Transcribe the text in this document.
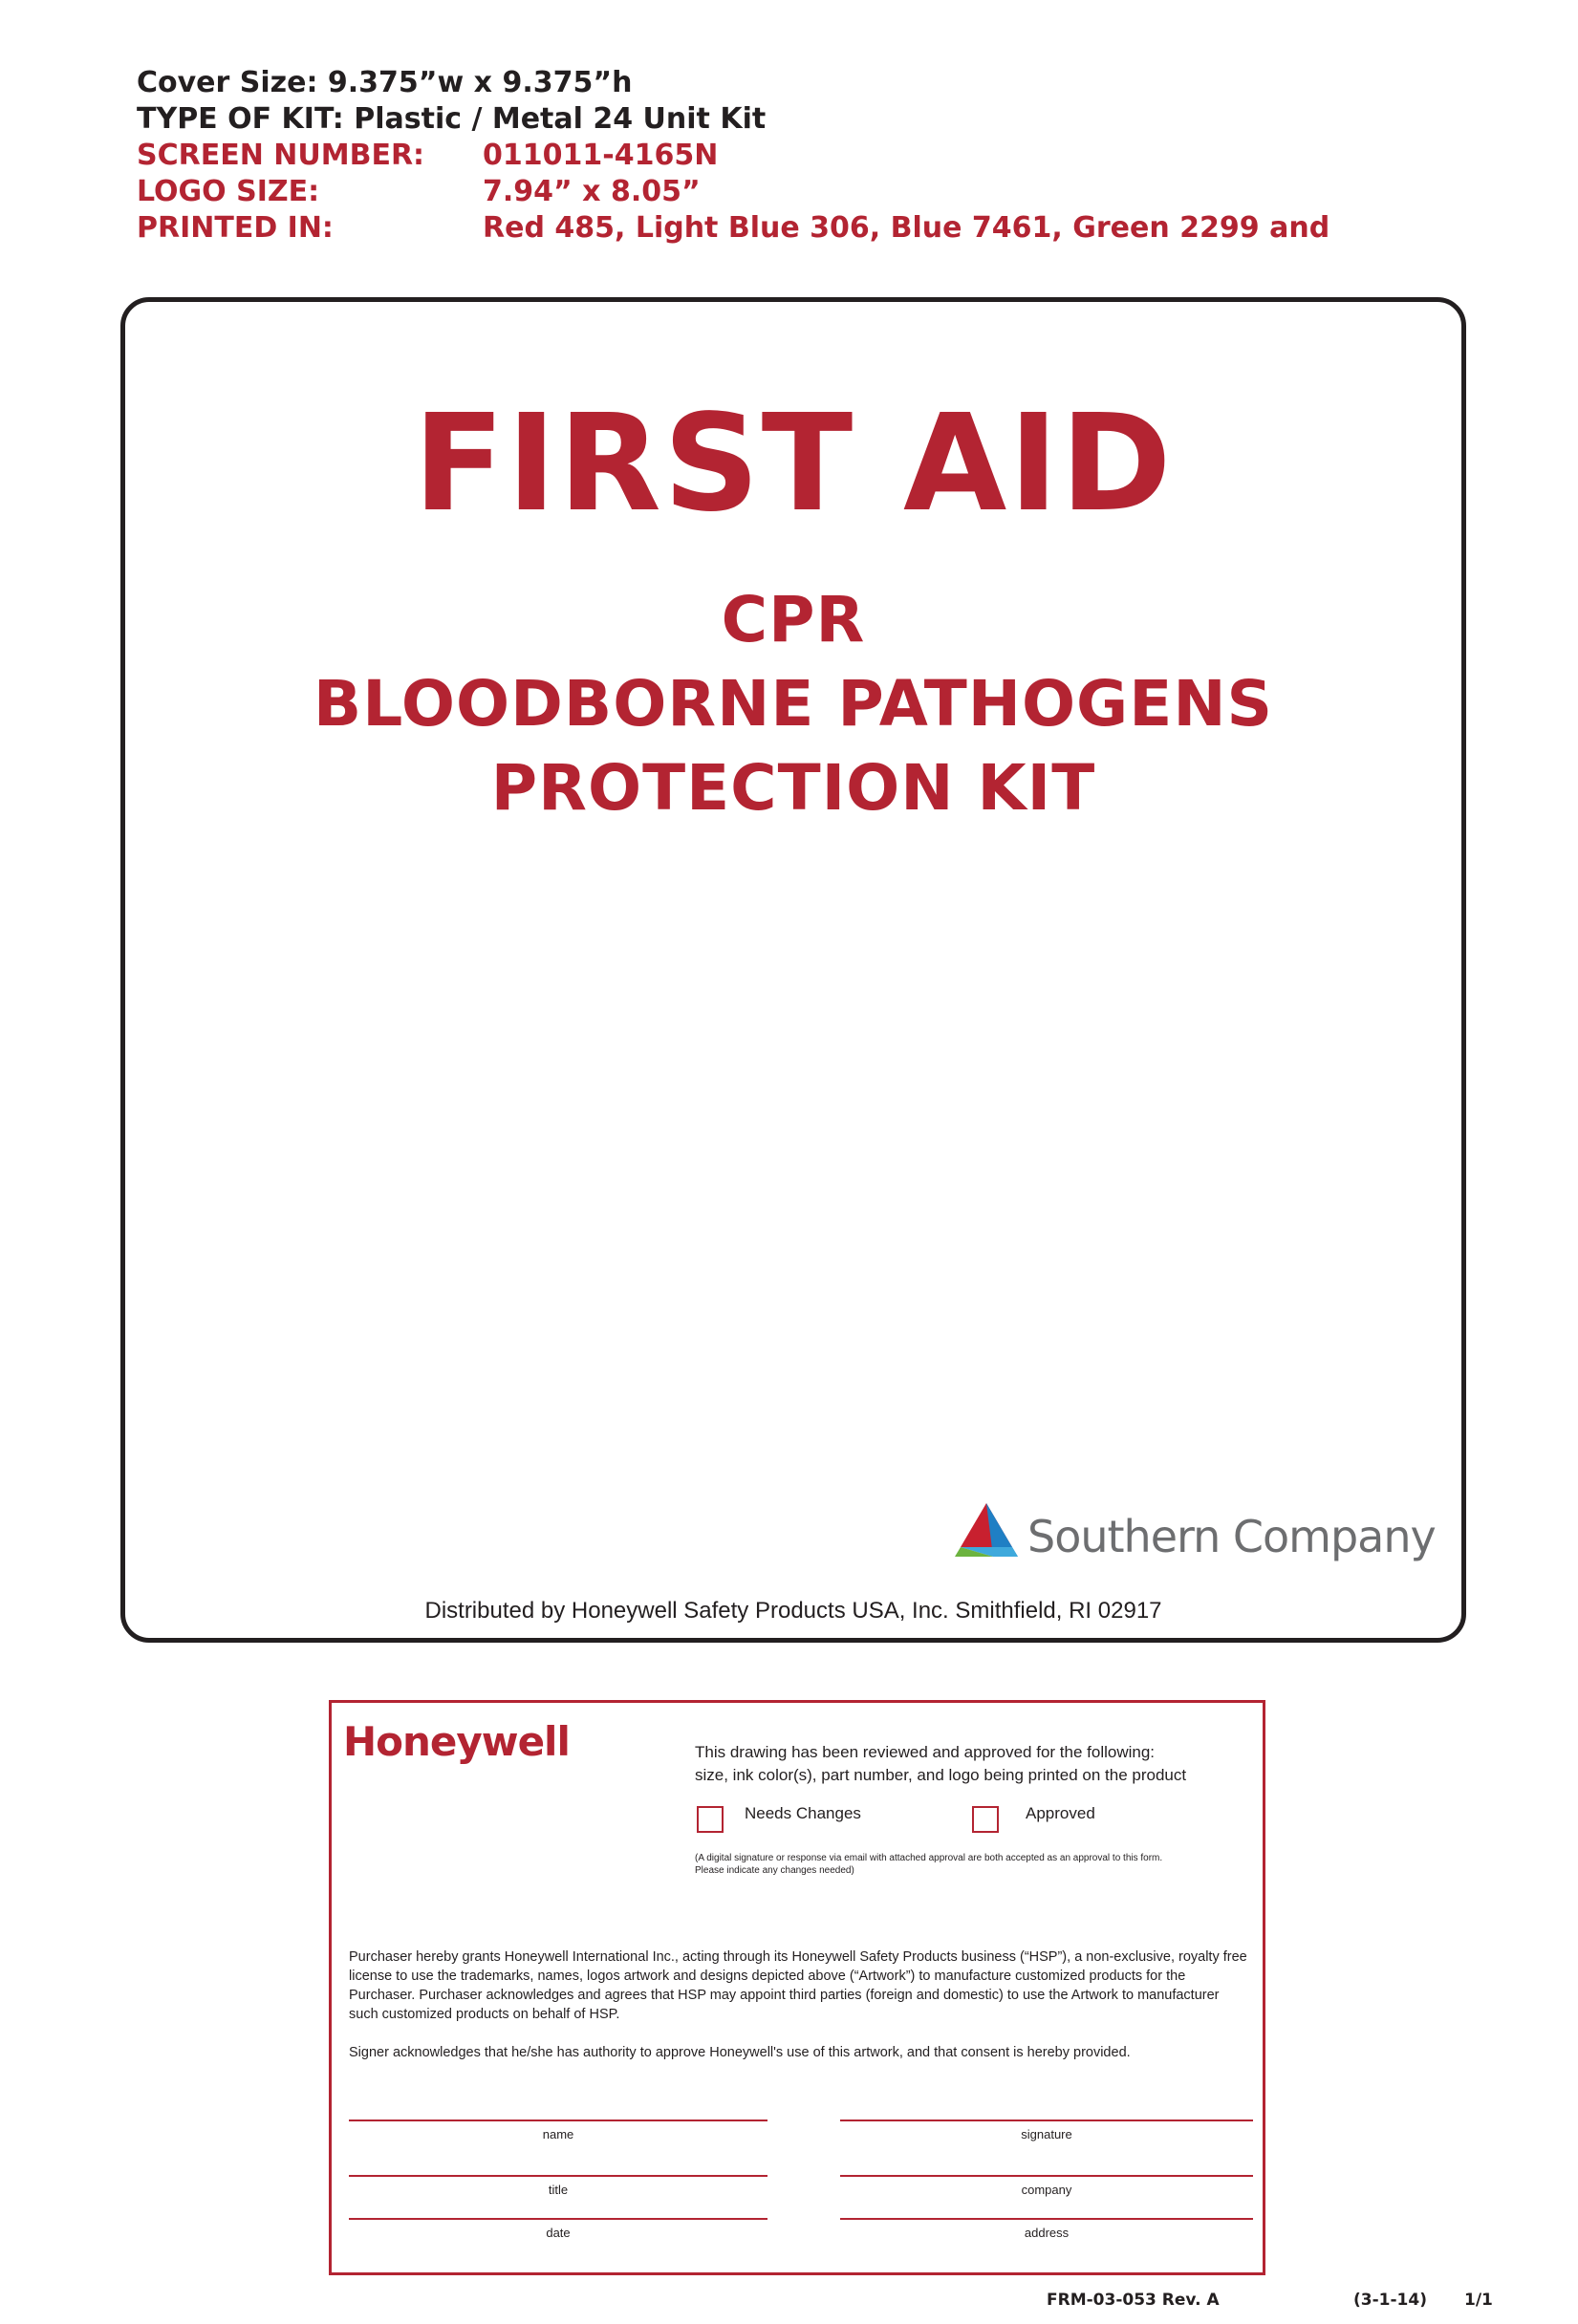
Cover Size: 9.375”w x 9.375”h
TYPE OF KIT: Plastic / Metal 24 Unit Kit
SCREEN NUMBER: 011011-4165N
LOGO SIZE:	7.94” x 8.05”
PRINTED IN:	Red 485, Light Blue 306, Blue 7461, Green 2299 and
FIRST AID
CPR
BLOODBORNE PATHOGENS
PROTECTION KIT
Southern Company
Distributed by Honeywell Safety Products USA, Inc. Smithfield, RI 02917
Honeywell	This drawing has been reviewed and approved for the following:
size, ink color(s), part number, and logo being printed on the product
Needs Changes	Approved
(A digital signature or response via email with attached approval are both accepted as an approval to this form.
Please indicate any changes needed)

Purchaser hereby grants Honeywell International Inc., acting through its Honeywell Safety Products business (“HSP”), a non-exclusive, royalty free license to use the trademarks, names, logos artwork and designs depicted above (“Artwork”) to manufacture customized products for the Purchaser. Purchaser acknowledges and agrees that HSP may appoint third parties (foreign and domestic) to use the Artwork to manufacturer such customized products on behalf of HSP.

Signer acknowledges that he/she has authority to approve Honeywell's use of this artwork, and that consent is hereby provided.

name	signature
title	company
date	address
FRM-03-053 Rev. A	(3-1-14) 1/1
